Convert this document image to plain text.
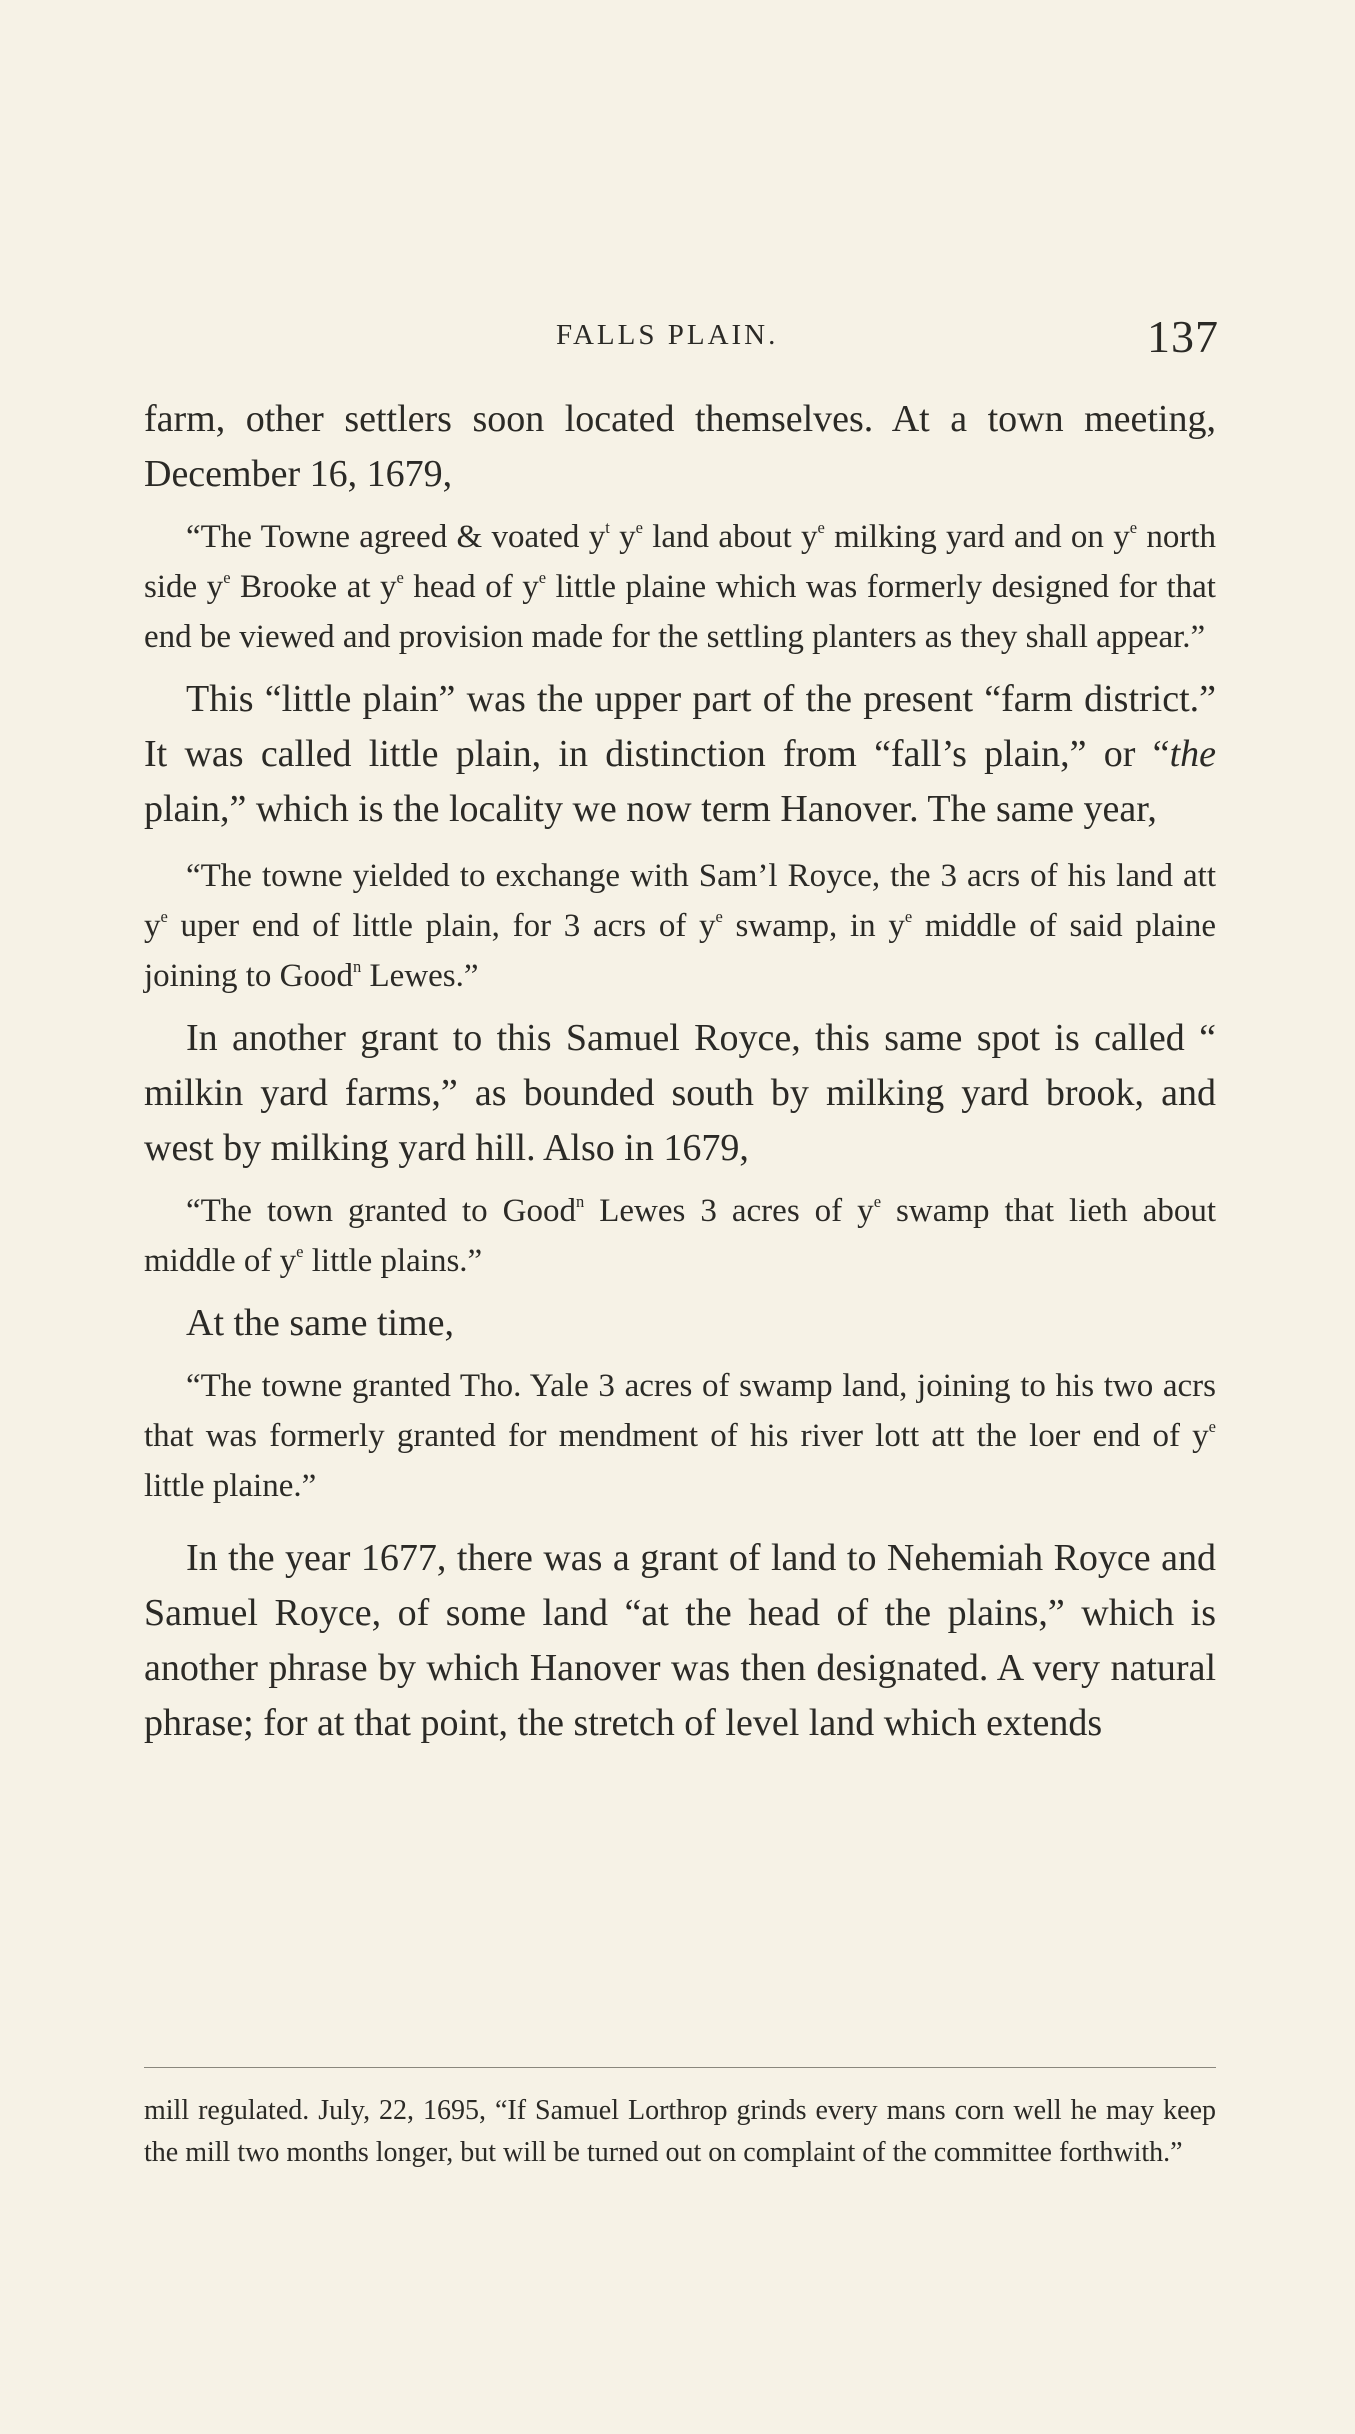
FALLS PLAIN.	137

farm, other settlers soon located themselves. At a town meeting, December 16, 1679,

“The Towne agreed & voated $y^t$ $y^e$ land about $y^e$ milking yard and on $y^e$ north side $y^e$ Brooke at $y^e$ head of $y^e$ little plaine which was formerly designed for that end be viewed and provision made for the settling planters as they shall appear.”

This “little plain” was the upper part of the present “farm district.” It was called little plain, in distinction from “fall’s plain,” or “the plain,” which is the locality we now term Hanover. The same year,

“The towne yielded to exchange with Sam’l Royce, the 3 acrs of his land att $y^e$ uper end of little plain, for 3 acrs of $y^e$ swamp, in $y^e$ middle of said plaine joining to Good$^n$ Lewes.”

In another grant to this Samuel Royce, this same spot is called “ milkin yard farms,” as bounded south by milking yard brook, and west by milking yard hill. Also in 1679,

“The town granted to Good$^n$ Lewes 3 acres of $y^e$ swamp that lieth about middle of $y^e$ little plains.”

At the same time,

“The towne granted Tho. Yale 3 acres of swamp land, joining to his two acrs that was formerly granted for mendment of his river lott att the loer end of $y^e$ little plaine.”

In the year 1677, there was a grant of land to Nehemiah Royce and Samuel Royce, of some land “at the head of the plains,” which is another phrase by which Hanover was then designated. A very natural phrase; for at that point, the stretch of level land which extends

mill regulated. July, 22, 1695, “If Samuel Lorthrop grinds every mans corn well he may keep the mill two months longer, but will be turned out on complaint of the committee forthwith.”
